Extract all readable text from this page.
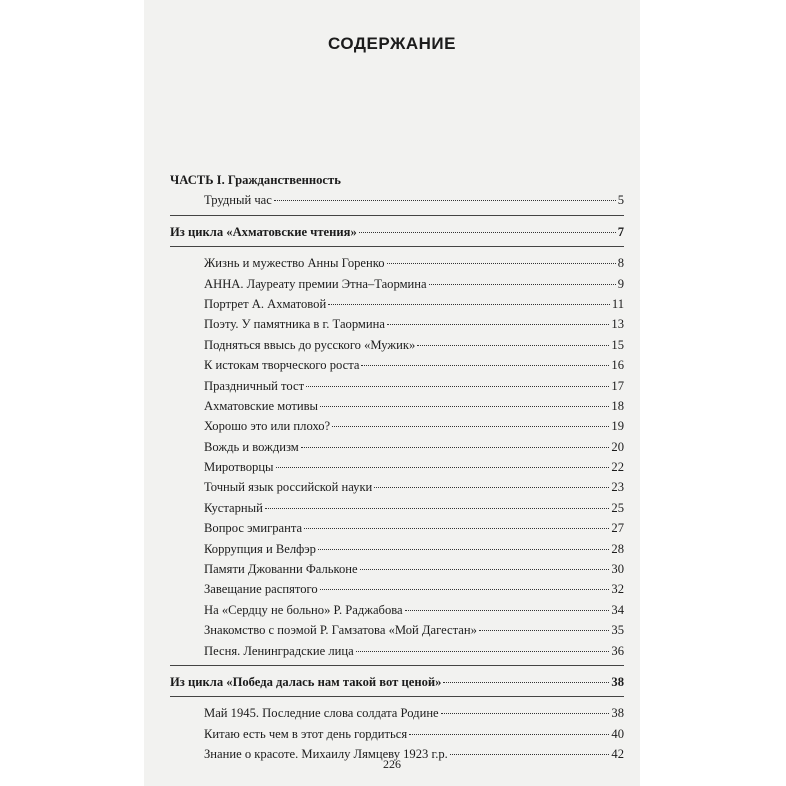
СОДЕРЖАНИЕ
ЧАСТЬ I. Гражданственность
Трудный час	5
Из цикла «Ахматовские чтения»	7
Жизнь и мужество Анны Горенко	8
АННА. Лауреату премии Этна–Таормина	9
Портрет А. Ахматовой	11
Поэту. У памятника в г. Таормина	13
Подняться ввысь до русского «Мужик»	15
К истокам творческого роста	16
Праздничный тост	17
Ахматовские мотивы	18
Хорошо это или плохо?	19
Вождь и вождизм	20
Миротворцы	22
Точный язык российской науки	23
Кустарный	25
Вопрос эмигранта	27
Коррупция и Велфэр	28
Памяти Джованни Фальконе	30
Завещание распятого	32
На «Сердцу не больно» Р. Раджабова	34
Знакомство с поэмой Р. Гамзатова «Мой Дагестан»	35
Песня. Ленинградские лица	36
Из цикла «Победа далась нам такой вот ценой»	38
Май 1945. Последние слова солдата Родине	38
Китаю есть чем в этот день гордиться	40
Знание о красоте. Михаилу Лямцеву 1923 г.р.	42
226
